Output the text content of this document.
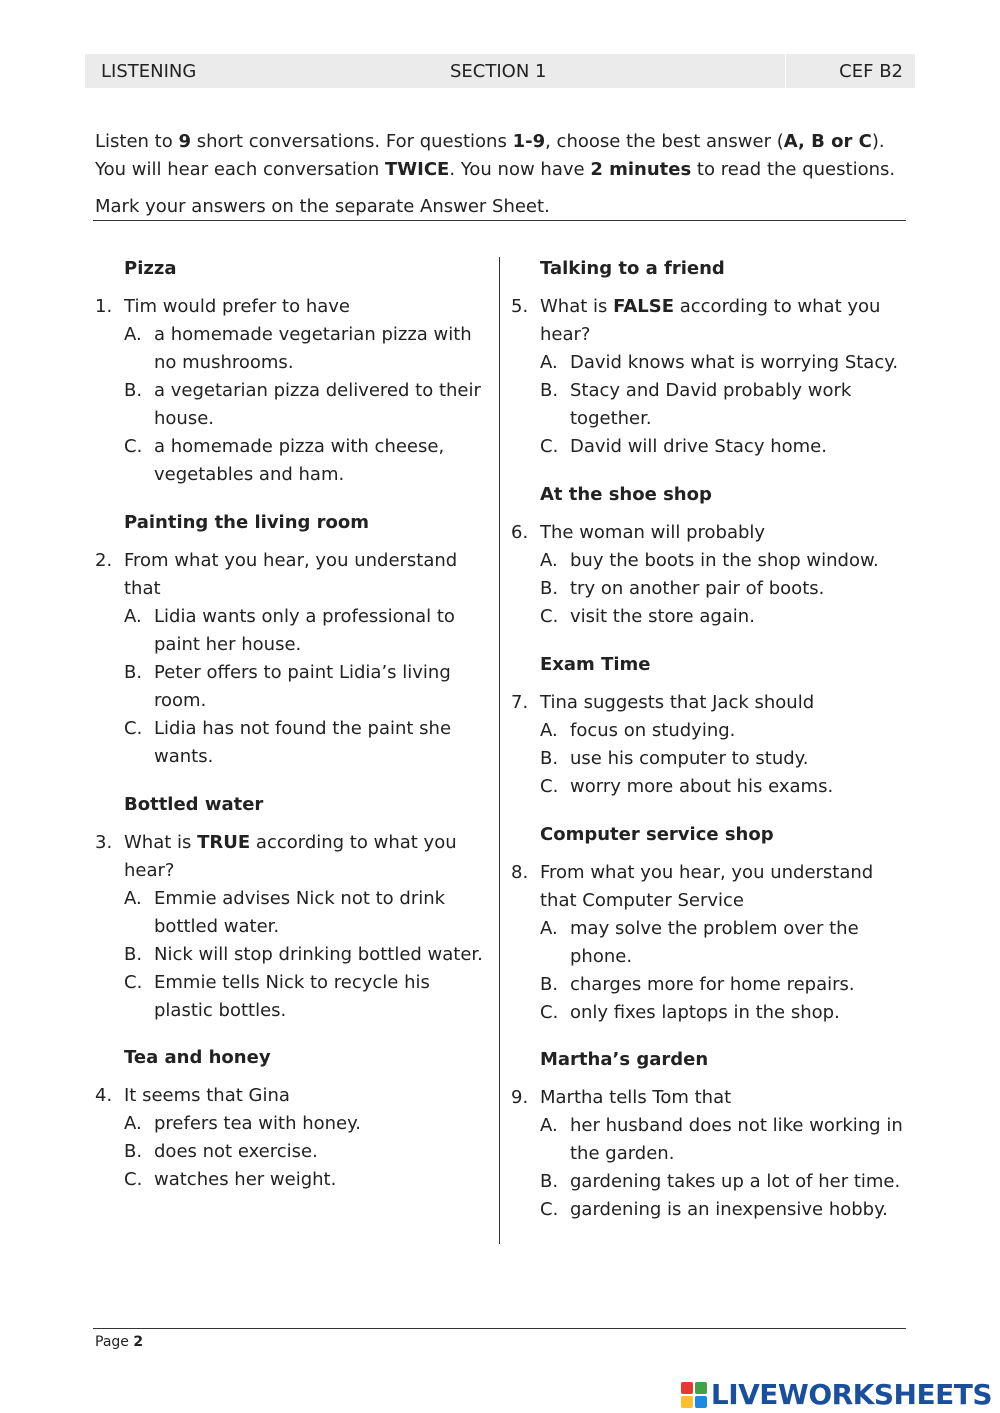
LISTENING	SECTION 1	CEF B2

Listen to 9 short conversations. For questions 1-9, choose the best answer (A, B or C).

You will hear each conversation TWICE. You now have 2 minutes to read the questions.

Mark your answers on the separate Answer Sheet.
Pizza
1. Tim would prefer to have
A. a homemade vegetarian pizza with no mushrooms.
B. a vegetarian pizza delivered to their house.
C. a homemade pizza with cheese, vegetables and ham.
Painting the living room
2. From what you hear, you understand that
A. Lidia wants only a professional to paint her house.
B. Peter offers to paint Lidia’s living room.
C. Lidia has not found the paint she wants.
Bottled water
3. What is TRUE according to what you hear?
A. Emmie advises Nick not to drink bottled water.
B. Nick will stop drinking bottled water.
C. Emmie tells Nick to recycle his plastic bottles.
Tea and honey
4. It seems that Gina
A. prefers tea with honey.
B. does not exercise.
C. watches her weight.
Talking to a friend
5. What is FALSE according to what you hear?
A. David knows what is worrying Stacy.
B. Stacy and David probably work together.
C. David will drive Stacy home.
At the shoe shop
6. The woman will probably
A. buy the boots in the shop window.
B. try on another pair of boots.
C. visit the store again.
Exam Time
7. Tina suggests that Jack should
A. focus on studying.
B. use his computer to study.
C. worry more about his exams.
Computer service shop
8. From what you hear, you understand that Computer Service
A. may solve the problem over the phone.
B. charges more for home repairs.
C. only fixes laptops in the shop.
Martha’s garden
9. Martha tells Tom that
A. her husband does not like working in the garden.
B. gardening takes up a lot of her time.
C. gardening is an inexpensive hobby.
Page 2
LIVEWORKSHEETS
